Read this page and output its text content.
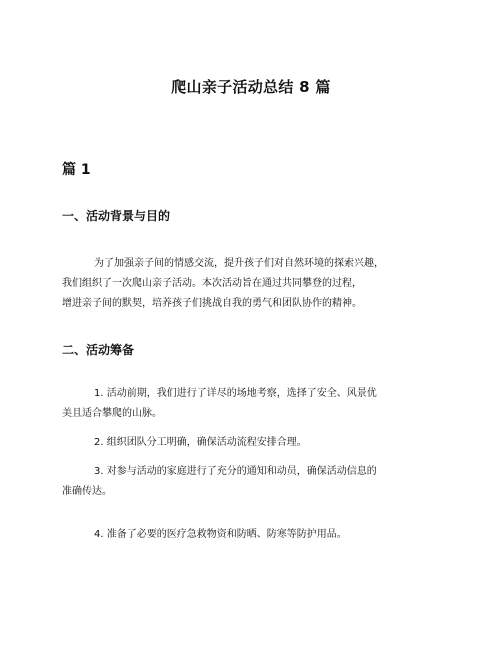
爬山亲子活动总结 8 篇
篇 1
一、活动背景与目的
为了加强亲子间的情感交流，提升孩子们对自然环境的探索兴趣，
我们组织了一次爬山亲子活动。本次活动旨在通过共同攀登的过程，
增进亲子间的默契，培养孩子们挑战自我的勇气和团队协作的精神。
二、活动筹备
1. 活动前期，我们进行了详尽的场地考察，选择了安全、风景优
美且适合攀爬的山脉。
2. 组织团队分工明确，确保活动流程安排合理。
3. 对参与活动的家庭进行了充分的通知和动员，确保活动信息的
准确传达。
4. 准备了必要的医疗急救物资和防晒、防寒等防护用品。
